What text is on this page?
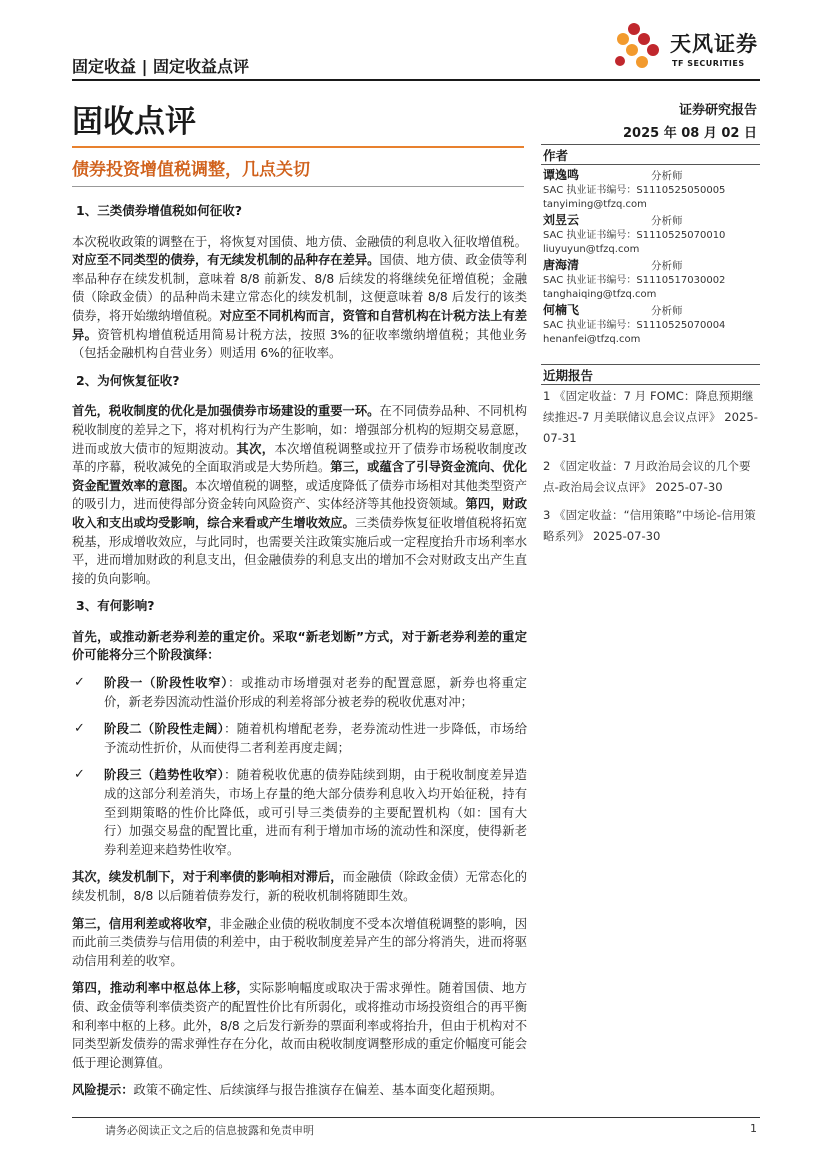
固定收益 | 固定收益点评
天风证券
TF SECURITIES
固收点评	证券研究报告
2025 年 08 月 02 日
债券投资增值税调整，几点关切
1、三类债券增值税如何征收?

本次税收政策的调整在于，将恢复对国债、地方债、金融债的利息收入征收增值税。对应至不同类型的债券，有无续发机制的品种存在差异。国债、地方债、政金债等利率品种存在续发机制，意味着 8/8 前新发、8/8 后续发的将继续免征增值税；金融债（除政金债）的品种尚未建立常态化的续发机制，这便意味着 8/8 后发行的该类债券，将开始缴纳增值税。对应至不同机构而言，资管和自营机构在计税方法上有差异。资管机构增值税适用简易计税方法，按照 3%的征收率缴纳增值税；其他业务（包括金融机构自营业务）则适用 6%的征收率。

2、为何恢复征收?

首先，税收制度的优化是加强债券市场建设的重要一环。在不同债券品种、不同机构税收制度的差异之下，将对机构行为产生影响，如：增强部分机构的短期交易意愿，进而或放大债市的短期波动。其次，本次增值税调整或拉开了债券市场税收制度改革的序幕，税收减免的全面取消或是大势所趋。第三，或蕴含了引导资金流向、优化资金配置效率的意图。本次增值税的调整，或适度降低了债券市场相对其他类型资产的吸引力，进而使得部分资金转向风险资产、实体经济等其他投资领域。第四，财政收入和支出或均受影响，综合来看或产生增收效应。三类债券恢复征收增值税将拓宽税基，形成增收效应，与此同时，也需要关注政策实施后或一定程度抬升市场利率水平，进而增加财政的利息支出，但金融债券的利息支出的增加不会对财政支出产生直接的负向影响。

3、有何影响?

首先，或推动新老券利差的重定价。采取“新老划断”方式，对于新老券利差的重定价可能将分三个阶段演绎：

✓ 阶段一（阶段性收窄）：或推动市场增强对老券的配置意愿，新券也将重定价，新老券因流动性溢价形成的利差将部分被老券的税收优惠对冲；
✓ 阶段二（阶段性走阔）：随着机构增配老券，老券流动性进一步降低，市场给予流动性折价，从而使得二者利差再度走阔；
✓ 阶段三（趋势性收窄）：随着税收优惠的债券陆续到期，由于税收制度差异造成的这部分利差消失，市场上存量的绝大部分债券利息收入均开始征税，持有至到期策略的性价比降低，或可引导三类债券的主要配置机构（如：国有大行）加强交易盘的配置比重，进而有利于增加市场的流动性和深度，使得新老券利差迎来趋势性收窄。

其次，续发机制下，对于利率债的影响相对滞后，而金融债（除政金债）无常态化的续发机制，8/8 以后随着债券发行，新的税收机制将随即生效。

第三，信用利差或将收窄，非金融企业债的税收制度不受本次增值税调整的影响，因而此前三类债券与信用债的利差中，由于税收制度差异产生的部分将消失，进而将驱动信用利差的收窄。

第四，推动利率中枢总体上移，实际影响幅度或取决于需求弹性。随着国债、地方债、政金债等利率债类资产的配置性价比有所弱化，或将推动市场投资组合的再平衡和利率中枢的上移。此外，8/8 之后发行新券的票面利率或将抬升，但由于机构对不同类型新发债券的需求弹性存在分化，故而由税收制度调整形成的重定价幅度可能会低于理论测算值。

风险提示：政策不确定性、后续演绎与报告推演存在偏差、基本面变化超预期。

作者
谭逸鸣	分析师
SAC 执业证书编号：S1110525050005
tanyiming@tfzq.com
刘昱云	分析师
SAC 执业证书编号：S1110525070010
liuyuyun@tfzq.com
唐海清	分析师
SAC 执业证书编号：S1110517030002
tanghaiqing@tfzq.com
何楠飞	分析师
SAC 执业证书编号：S1110525070004
henanfei@tfzq.com
近期报告
1 《固定收益：7 月 FOMC：降息预期继续推迟-7 月美联储议息会议点评》 2025-07-31
2 《固定收益：7 月政治局会议的几个要点-政治局会议点评》 2025-07-30
3 《固定收益：“信用策略”中场论-信用策略系列》 2025-07-30
请务必阅读正文之后的信息披露和免责申明	1
